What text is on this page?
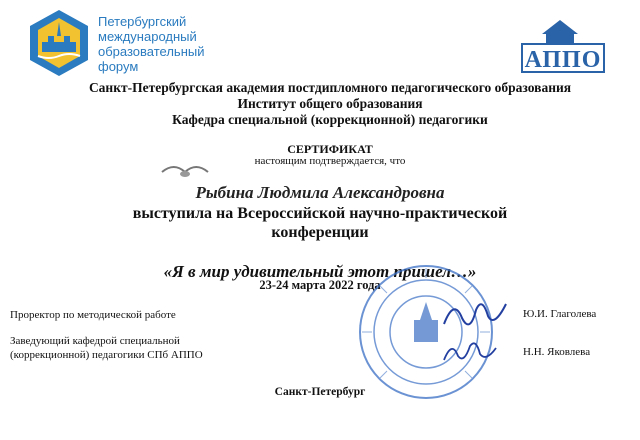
Петербургский
международный
образовательный
форум	АППО
Санкт-Петербургская академия постдипломного педагогического образования
Институт общего образования
Кафедра специальной (коррекционной) педагогики
СЕРТИФИКАТ
настоящим подтверждается, что
Рыбина Людмила Александровна
выступила на Всероссийской научно-практической
конференции
«Я в мир удивительный этот пришел…»
23-24 марта 2022 года
Проректор по методической работе	Ю.И. Глаголева
Заведующий кафедрой специальной
(коррекционной) педагогики СПб АППО	Н.Н. Яковлева
Санкт-Петербург
